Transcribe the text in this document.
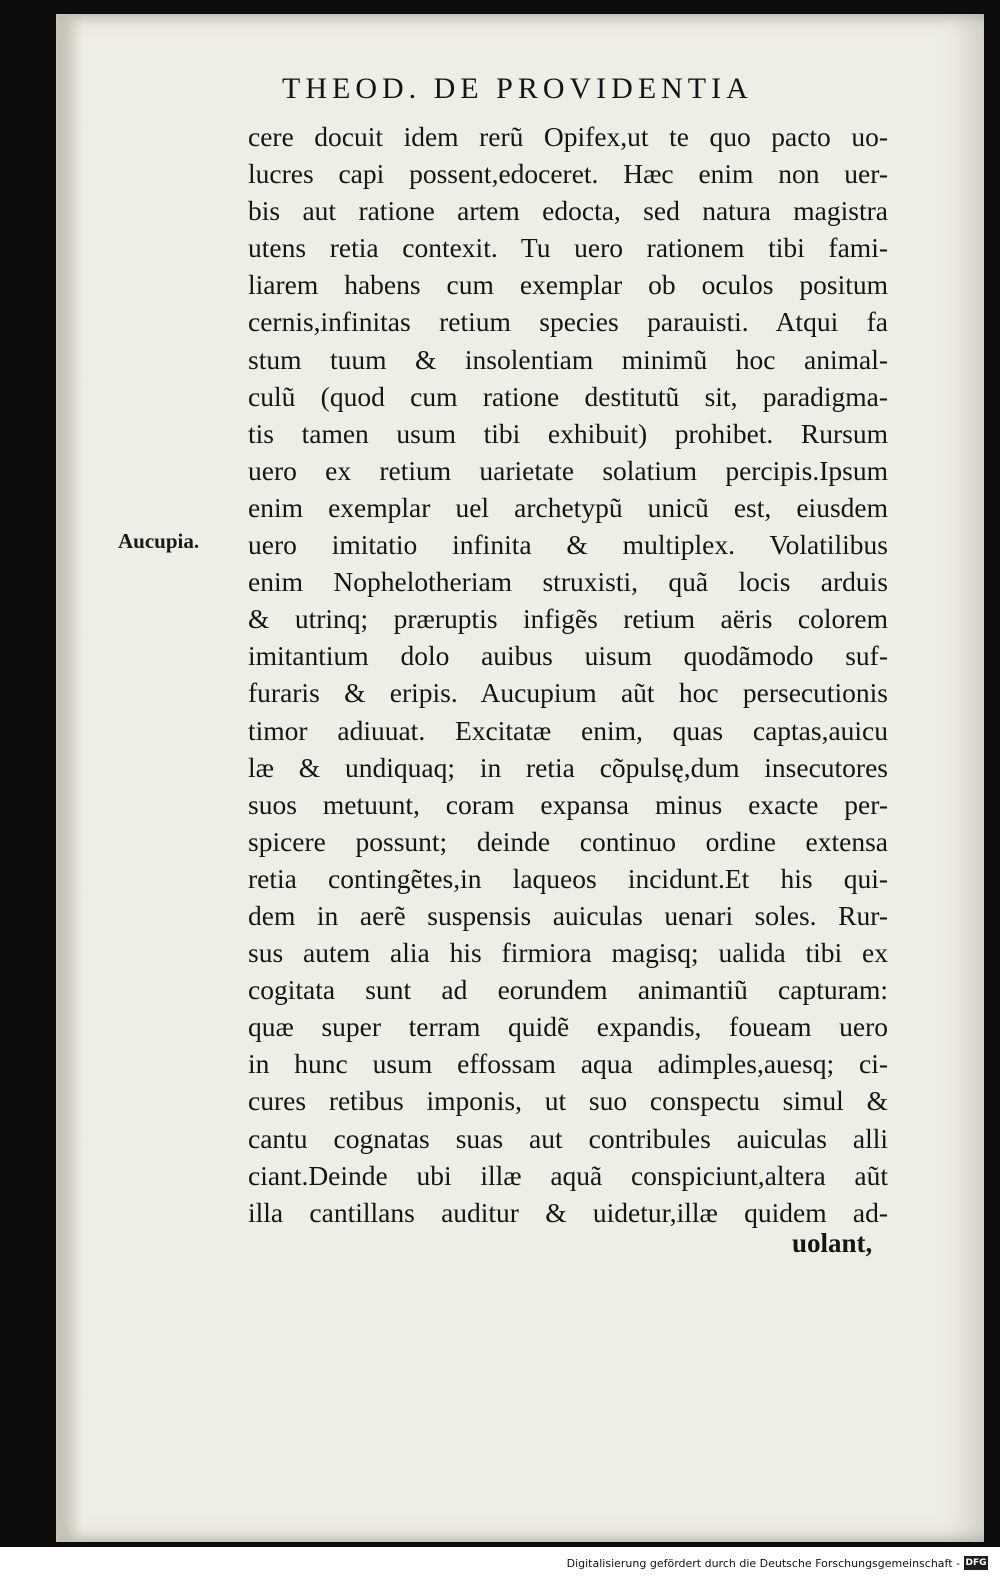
THEOD. DE PROVIDENTIA
Aucupia.
cere docuit idem rerũ Opifex,ut te quo pacto uo-
lucres capi possent,edoceret. Hæc enim non uer-
bis aut ratione artem edocta, sed natura magistra
utens retia contexit. Tu uero rationem tibi fami-
liarem habens cum exemplar ob oculos positum
cernis,infinitas retium species parauisti. Atqui fa
stum tuum & insolentiam minimũ hoc animal-
culũ (quod cum ratione destitutũ sit, paradigma-
tis tamen usum tibi exhibuit) prohibet. Rursum
uero ex retium uarietate solatium percipis.Ipsum
enim exemplar uel archetypũ unicũ est, eiusdem
uero imitatio infinita & multiplex. Volatilibus
enim Nophelotheriam struxisti, quã locis arduis
& utrinq; præruptis infigẽs retium aëris colorem
imitantium dolo auibus uisum quodãmodo suf-
furaris & eripis. Aucupium aũt hoc persecutionis
timor adiuuat. Excitatæ enim, quas captas,auicu
læ & undiquaq; in retia cõpulsę,dum insecutores
suos metuunt, coram expansa minus exacte per-
spicere possunt; deinde continuo ordine extensa
retia contingẽtes,in laqueos incidunt.Et his qui-
dem in aerẽ suspensis auiculas uenari soles. Rur-
sus autem alia his firmiora magisq; ualida tibi ex
cogitata sunt ad eorundem animantiũ capturam:
quæ super terram quidẽ expandis, foueam uero
in hunc usum effossam aqua adimples,auesq; ci-
cures retibus imponis, ut suo conspectu simul &
cantu cognatas suas aut contribules auiculas alli
ciant.Deinde ubi illæ aquã conspiciunt,altera aũt
illa cantillans auditur & uidetur,illæ quidem ad-
uolant,
Digitalisierung gefördert durch die Deutsche Forschungsgemeinschaft - DFG
